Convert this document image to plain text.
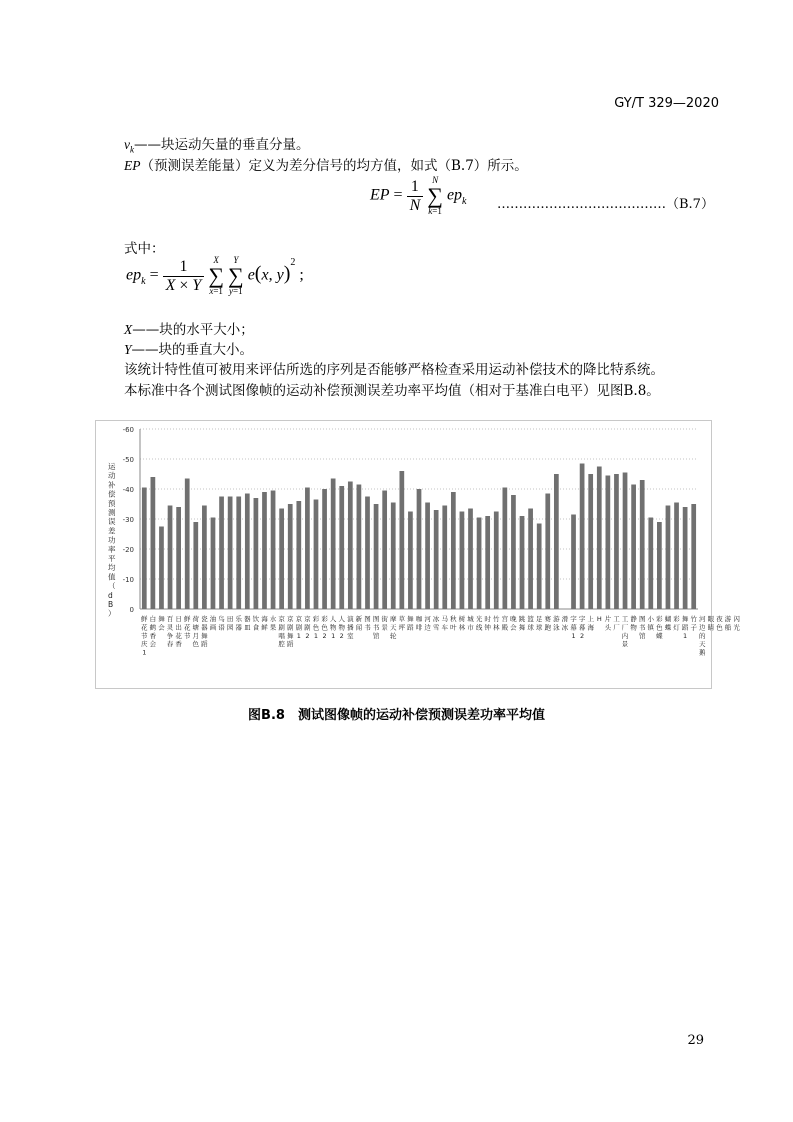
GY/T 329—2020
$v_k——$块运动矢量的垂直分量。
EP（预测误差能量）定义为差分信号的均方值，如式（B.7）所示。
EP = $\frac{1}{N}$
N
∑
k=1
$ep_k$ …………………………………（B.7）
式中：
$ep_k = \frac{1}{X \times Y}$
	X
∑
x=1

Y
∑
y=1
e(x, y)$^2$ ;
X——块的水平大小；
Y——块的垂直大小。
该统计特性值可被用来评估所选的序列是否能够严格检查采用运动补偿技术的降比特系统。
本标准中各个测试图像帧的运动补偿预测误差功率平均值（相对于基准白电平）见图B.8。
-60
-50
-40
-30
-20
-10
0
运动补偿预测误差功率平均值（ d B ）
鲜花节庆 1
白鹤香会
舞会
百灵争春
日出花香
鲜花节
荷塘月色
瓷器舞蹈
油画
鸟语
田园
乐器
器皿
饮食
海鲜
水果
京剧唱腔
京剧舞蹈
京剧 1
京剧 2
彩色 1
彩色 2
人物 1
人物 2
演播室
新闻
图书
图书馆
街景
摩天轮
草坪
舞蹈
咖啡
河边
冰雪
马车
秋叶
树林
城市
光线
时钟
竹林
宫殿
晚会
跳舞
篮球
足球
赛跑
游泳
滑冰
字幕 1
字幕 2
上海
H 片头
工厂
工厂内景
静物
图书馆
小镇
彩色蝶
蝴蝶
彩灯
舞蹈 1
竹子
河边的天鹅
眼睛
夜色
游船
闪光
图B.8　测试图像帧的运动补偿预测误差功率平均值
29
